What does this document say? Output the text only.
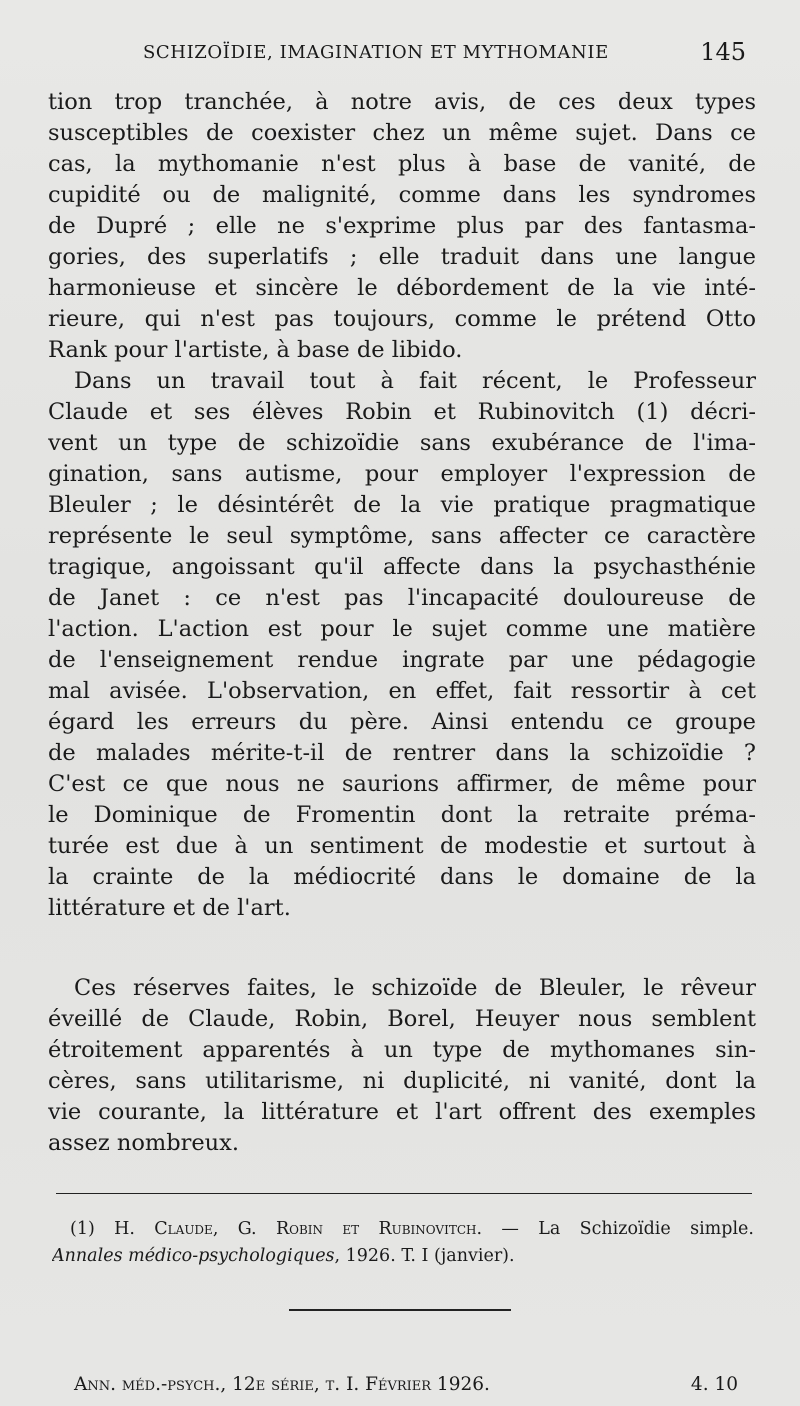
SCHIZOÏDIE, IMAGINATION ET MYTHOMANIE	145
tion trop tranchée, à notre avis, de ces deux types
susceptibles de coexister chez un même sujet. Dans ce
cas, la mythomanie n'est plus à base de vanité, de
cupidité ou de malignité, comme dans les syndromes
de Dupré ; elle ne s'exprime plus par des fantasma-
gories, des superlatifs ; elle traduit dans une langue
harmonieuse et sincère le débordement de la vie inté-
rieure, qui n'est pas toujours, comme le prétend Otto
Rank pour l'artiste, à base de libido.
Dans un travail tout à fait récent, le Professeur
Claude et ses élèves Robin et Rubinovitch (1) décri-
vent un type de schizoïdie sans exubérance de l'ima-
gination, sans autisme, pour employer l'expression de
Bleuler ; le désintérêt de la vie pratique pragmatique
représente le seul symptôme, sans affecter ce caractère
tragique, angoissant qu'il affecte dans la psychasthénie
de Janet : ce n'est pas l'incapacité douloureuse de
l'action. L'action est pour le sujet comme une matière
de l'enseignement rendue ingrate par une pédagogie
mal avisée. L'observation, en effet, fait ressortir à cet
égard les erreurs du père. Ainsi entendu ce groupe
de malades mérite-t-il de rentrer dans la schizoïdie ?
C'est ce que nous ne saurions affirmer, de même pour
le Dominique de Fromentin dont la retraite préma-
turée est due à un sentiment de modestie et surtout à
la crainte de la médiocrité dans le domaine de la
littérature et de l'art.
Ces réserves faites, le schizoïde de Bleuler, le rêveur
éveillé de Claude, Robin, Borel, Heuyer nous semblent
étroitement apparentés à un type de mythomanes sin-
cères, sans utilitarisme, ni duplicité, ni vanité, dont la
vie courante, la littérature et l'art offrent des exemples
assez nombreux.
(1) H. Claude, G. Robin et Rubinovitch. — La Schizoïdie simple.
Annales médico-psychologiques, 1926. T. I (janvier).
Ann. méd.-psych., 12e série, t. I. Février 1926.	4. 10
